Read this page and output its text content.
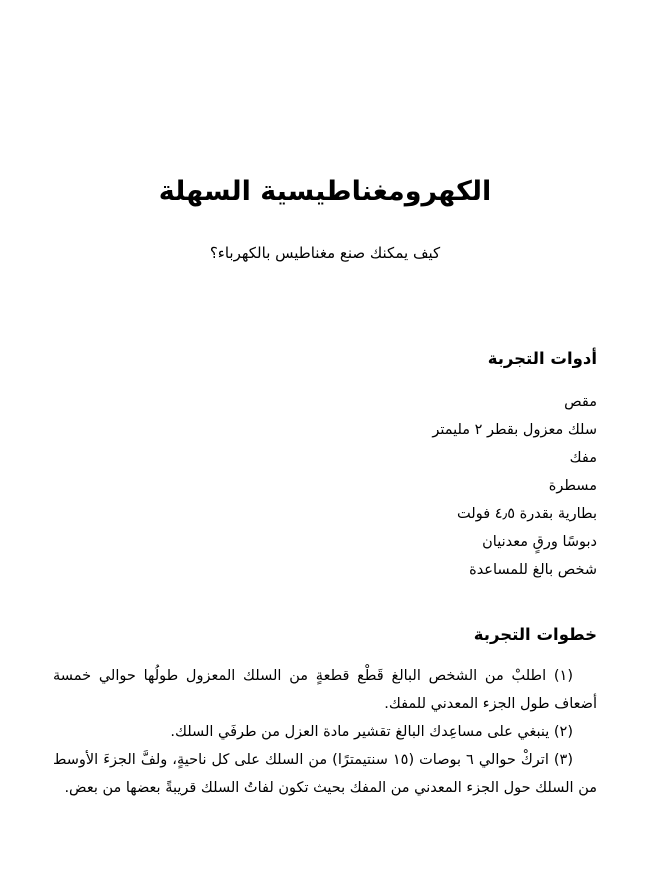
الكهرومغناطيسية السهلة

كيف يمكنك صنع مغناطيس بالكهرباء؟

أدوات التجربة
مقص
سلك معزول بقطر ٢ مليمتر
مفك
مسطرة
بطارية بقدرة ٤٫٥ فولت
دبوسًا ورقٍ معدنيان
شخص بالغ للمساعدة
خطوات التجربة

(١) اطلبْ من الشخص البالغ قَطْع قطعةٍ من السلك المعزول طولُها حوالي خمسة أضعاف طول الجزء المعدني للمفك.

(٢) ينبغي على مساعِدك البالغ تقشير مادة العزل من طرفَي السلك.

(٣) اتركْ حوالي ٦ بوصات (١٥ سنتيمترًا) من السلك على كل ناحيةٍ، ولفَّ الجزءَ الأوسط من السلك حول الجزء المعدني من المفك بحيث تكون لفاتُ السلك قريبةً بعضها من بعض.
